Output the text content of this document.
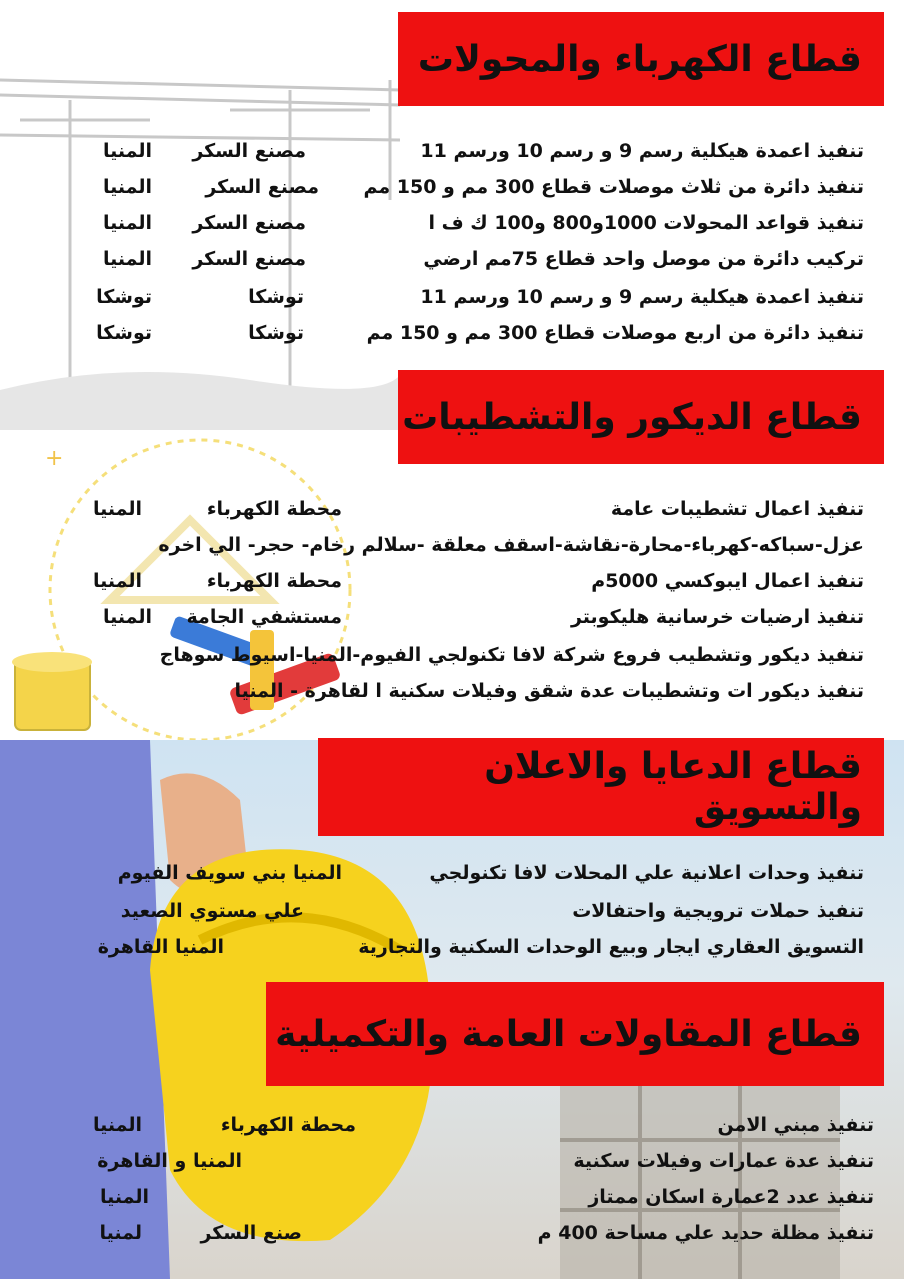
+
قطاع الكهرباء والمحولات
تنفيذ اعمدة هيكلية رسم 9 و رسم 10 ورسم 11
مصنع السكر
المنيا
تنفيذ دائرة من ثلاث موصلات قطاع 300 مم و 150 مم
مصنع السكر
المنيا
تنفيذ قواعد المحولات 1000و800 و100 ك ف ا
مصنع السكر
المنيا
تركيب دائرة من موصل واحد قطاع 75مم ارضي
مصنع السكر
المنيا
تنفيذ اعمدة هيكلية رسم 9 و رسم 10 ورسم 11
توشكا
توشكا
تنفيذ دائرة من اربع موصلات قطاع 300 مم و 150 مم
توشكا
توشكا
قطاع الديكور والتشطيبات
تنفيذ اعمال تشطيبات عامة
محطة الكهرباء
المنيا
عزل-سباكه-كهرباء-محارة-نقاشة-اسقف معلقة -سلالم رخام- حجر- الي اخره
تنفيذ اعمال ايبوكسي 5000م
محطة الكهرباء
المنيا
تنفيذ ارضيات خرسانية هليكوبتر
مستشفي الجامة
المنيا
تنفيذ ديكور وتشطيب فروع شركة لافا تكنولجي الفيوم-المنيا-اسيوط سوهاج
تنفيذ ديكور ات وتشطيبات عدة شقق وفيلات سكنية ا لقاهرة - المنيا
قطاع الدعايا والاعلان والتسويق
تنفيذ وحدات اعلانية علي المحلات لافا تكنولجي
المنيا بني سويف الفيوم
تنفيذ حملات ترويجية واحتفالات
علي مستوي الصعيد
التسويق العقاري ايجار وبيع الوحدات السكنية والتجارية
المنيا القاهرة
قطاع المقاولات العامة والتكميلية
تنفيذ مبني الامن
محطة الكهرباء
المنيا
تنفيذ عدة عمارات وفيلات سكنية
المنيا و القاهرة
تنفيذ عدد 2عمارة اسكان ممتاز
المنيا
تنفيذ مظلة حديد علي مساحة 400 م
صنع السكر
لمنيا
